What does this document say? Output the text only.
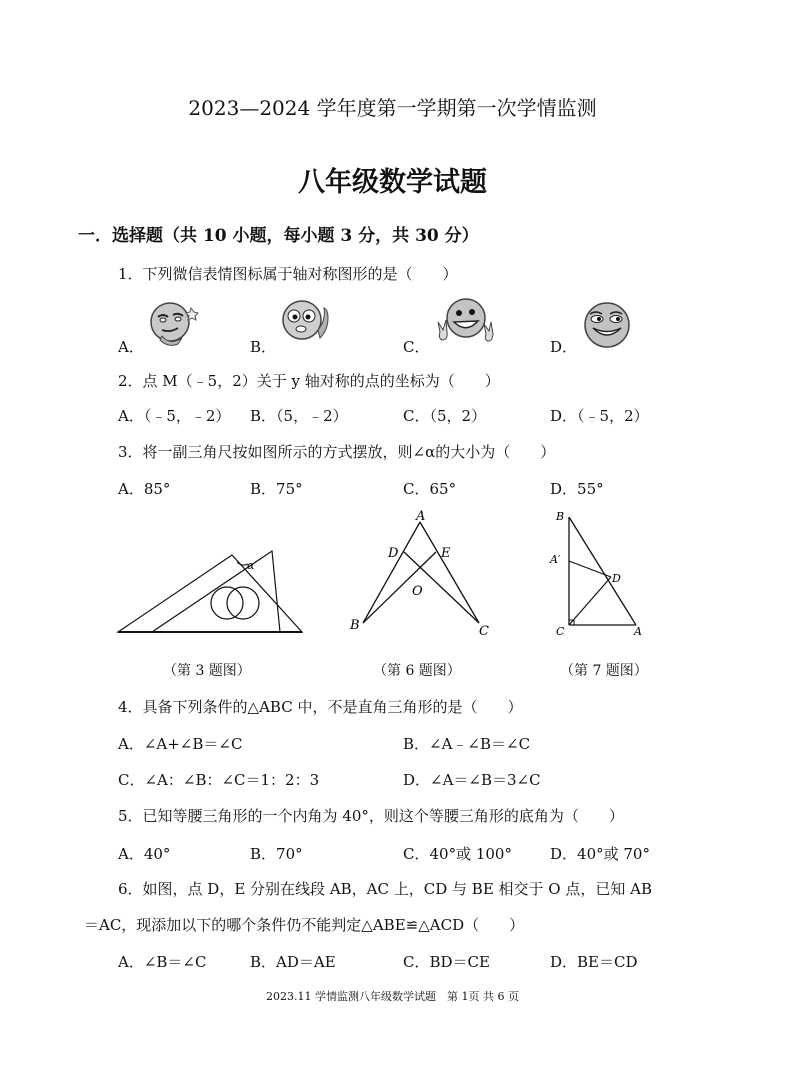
2023—2024 学年度第一学期第一次学情监测
八年级数学试题
一．选择题（共 10 小题，每小题 3 分，共 30 分）
1．下列微信表情图标属于轴对称图形的是（　　）
A．	B．	C．	D．
2．点 M（﹣5，2）关于 y 轴对称的点的坐标为（　　）
A．（﹣5，﹣2） B．（5，﹣2）	C．（5，2）	D．（﹣5，2）
3．将一副三角尺按如图所示的方式摆放，则∠α的大小为（　　）
A．85°	B．75°	C．65°	D．55°
α
A
D	E
O
B	C
B
A′
D
C	A
（第 3 题图）	（第 6 题图）	（第 7 题图）
4．具备下列条件的△ABC 中，不是直角三角形的是（　　）
A．∠A+∠B＝∠C	B．∠A﹣∠B＝∠C
C．∠A：∠B：∠C＝1：2：3	D．∠A＝∠B＝3∠C
5．已知等腰三角形的一个内角为 40°，则这个等腰三角形的底角为（　　）
A．40°	B．70°	C．40°或 100°	D．40°或 70°
6．如图，点 D，E 分别在线段 AB，AC 上，CD 与 BE 相交于 O 点，已知 AB
＝AC，现添加以下的哪个条件仍不能判定△ABE≌△ACD（　　）
A．∠B＝∠C	B．AD＝AE	C．BD＝CE	D．BE＝CD
2023.11 学情监测八年级数学试题　第 1页 共 6 页
